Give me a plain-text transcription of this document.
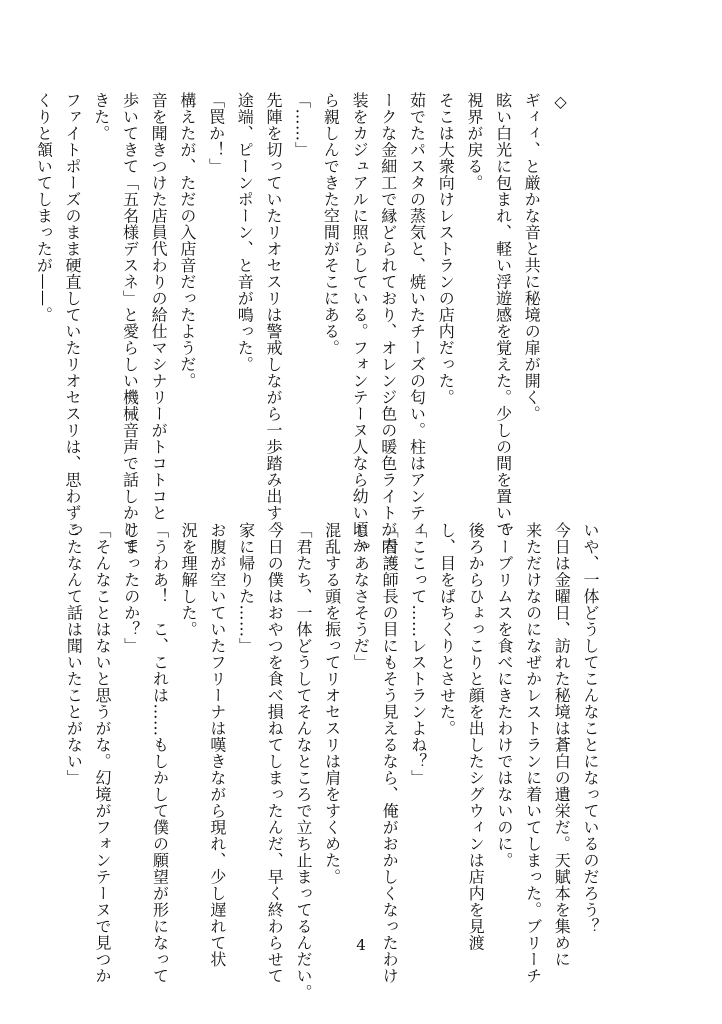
◇
ギィィ、と厳かな音と共に秘境の扉が開く。
眩い白光に包まれ、軽い浮遊感を覚えた。少しの間を置いて
視界が戻る。
そこは大衆向けレストランの店内だった。
茹でたパスタの蒸気と、焼いたチーズの匂い。柱はアンティ
ークな金細工で縁どられており、オレンジ色の暖色ライトが内
装をカジュアルに照らしている。フォンテーヌ人なら幼い頃か
ら親しんできた空間がそこにある。
「……」
先陣を切っていたリオセスリは警戒しながら一歩踏み出す。
途端、ピーンポーン、と音が鳴った。
「罠か！」
構えたが、ただの入店音だったようだ。
音を聞きつけた店員代わりの給仕マシナリーがトコトコと
歩いてきて「五名様デスネ」と愛らしい機械音声で話しかけて
きた。
ファイトポーズのまま硬直していたリオセスリは、思わずこ
くりと頷いてしまったが——。
いや、一体どうしてこんなことになっているのだろう？
今日は金曜日、訪れた秘境は蒼白の遺栄だ。天賦本を集めに
来ただけなのになぜかレストランに着いてしまった。ブリーチ
ャーブリムスを食べにきたわけではないのに。
後ろからひょっこりと顔を出したシグウィンは店内を見渡
し、目をぱちくりとさせた。
「ここって……レストランよね？」
「看護師長の目にもそう見えるなら、俺がおかしくなったわけ
じゃあなさそうだ」
混乱する頭を振ってリオセスリは肩をすくめた。
「君たち、一体どうしてそんなところで立ち止まってるんだい。
今日の僕はおやつを食べ損ねてしまったんだ、早く終わらせて
家に帰りた……」
お腹が空いていたフリーナは嘆きながら現れ、少し遅れて状
況を理解した。
「うわあ！　こ、これは……もしかして僕の願望が形になって
しまったのか？」
「そんなことはないと思うがな。幻境がフォンテーヌで見つか
ったなんて話は聞いたことがない」
4
